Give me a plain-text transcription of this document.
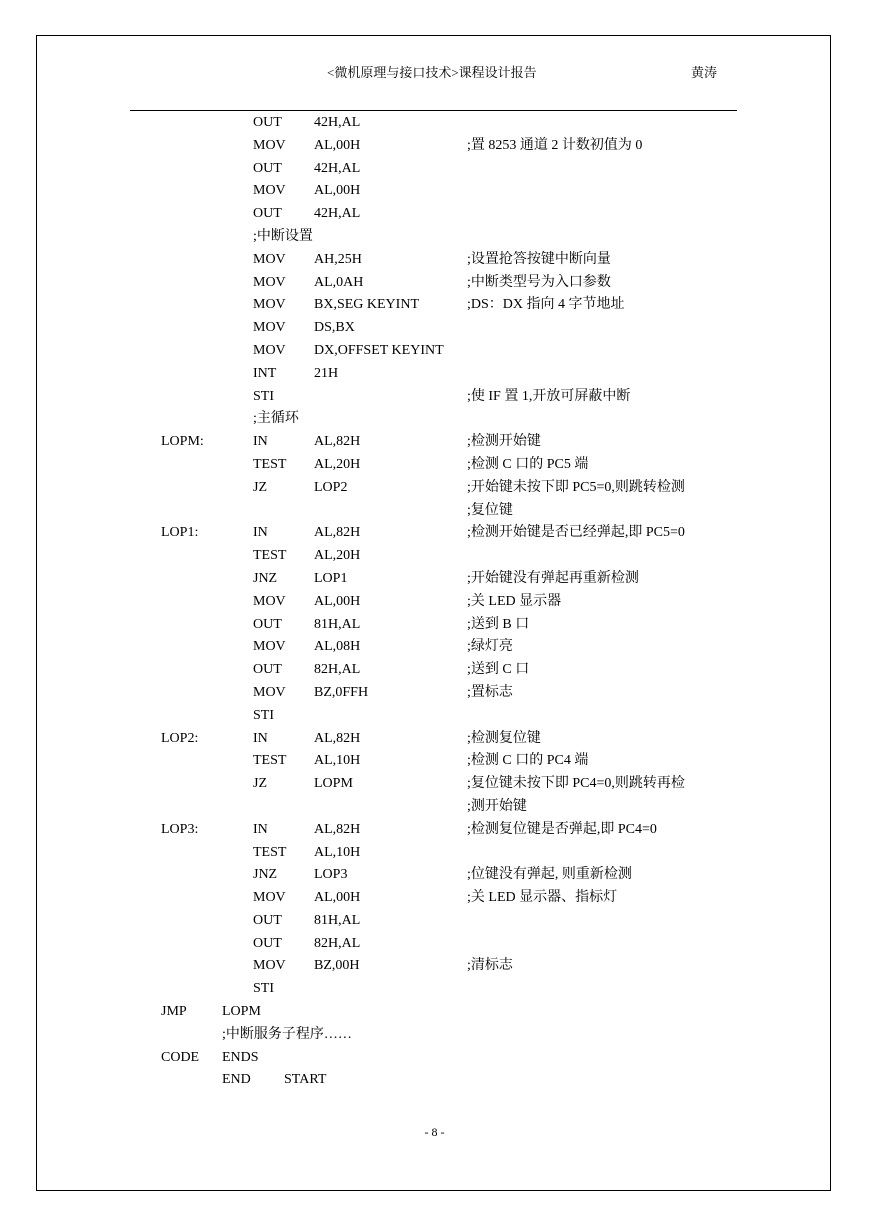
<微机原理与接口技术>课程设计报告	黄涛
OUT 42H,AL
MOV AL,00H	;置 8253 通道 2 计数初值为 0
OUT 42H,AL
MOV AL,00H
OUT 42H,AL
;中断设置
MOV AH,25H	;设置抢答按键中断向量
MOV AL,0AH	;中断类型号为入口参数
MOV BX,SEG KEYINT	;DS：DX 指向 4 字节地址
MOV DS,BX
MOV DX,OFFSET KEYINT
INT	21H
STI	;使 IF 置 1,开放可屏蔽中断
;主循环
LOPM:	IN	AL,82H	;检测开始键
TEST AL,20H	;检测 C 口的 PC5 端
JZ	LOP2	;开始键未按下即 PC5=0,则跳转检测
;复位键
LOP1:	IN	AL,82H	;检测开始键是否已经弹起,即 PC5=0
TEST AL,20H
JNZ	LOP1	;开始键没有弹起再重新检测
MOV AL,00H	;关 LED 显示器
OUT 81H,AL	;送到 B 口
MOV AL,08H	;绿灯亮
OUT 82H,AL	;送到 C 口
MOV BZ,0FFH	;置标志
STI
LOP2:	IN	AL,82H	;检测复位键
TEST AL,10H	;检测 C 口的 PC4 端
JZ	LOPM	;复位键未按下即 PC4=0,则跳转再检
;测开始键
LOP3:	IN	AL,82H	;检测复位键是否弹起,即 PC4=0
TEST AL,10H
JNZ	LOP3	;位键没有弹起, 则重新检测
MOV AL,00H	;关 LED 显示器、指标灯
OUT 81H,AL
OUT 82H,AL
MOV BZ,00H	;清标志
STI
JMP	LOPM
;中断服务子程序……
CODE ENDS
END START
- 8 -
